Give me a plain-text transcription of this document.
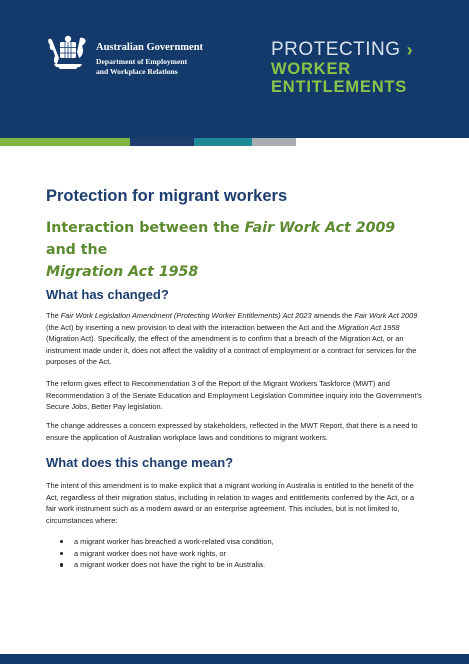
Australian Government
Department of Employment
and Workplace Relations
PROTECTING ›
WORKER
ENTITLEMENTS
Protection for migrant workers
Interaction between the Fair Work Act 2009 and the
Migration Act 1958
What has changed?

The Fair Work Legislation Amendment (Protecting Worker Entitlements) Act 2023 amends the Fair Work Act 2009 (the Act) by inserting a new provision to deal with the interaction between the Act and the Migration Act 1958 (Migration Act). Specifically, the effect of the amendment is to confirm that a breach of the Migration Act, or an instrument made under it, does not affect the validity of a contract of employment or a contract for services for the purposes of the Act.

The reform gives effect to Recommendation 3 of the Report of the Migrant Workers Taskforce (MWT) and Recommendation 3 of the Senate Education and Employment Legislation Committee inquiry into the Government’s Secure Jobs, Better Pay legislation.

The change addresses a concern expressed by stakeholders, reflected in the MWT Report, that there is a need to ensure the application of Australian workplace laws and conditions to migrant workers.

What does this change mean?

The intent of this amendment is to make explicit that a migrant working in Australia is entitled to the benefit of the Act, regardless of their migration status, including in relation to wages and entitlements conferred by the Act, or a fair work instrument such as a modern award or an enterprise agreement. This includes, but is not limited to, circumstances where:

a migrant worker has breached a work-related visa condition,
a migrant worker does not have work rights, or
a migrant worker does not have the right to be in Australia.
